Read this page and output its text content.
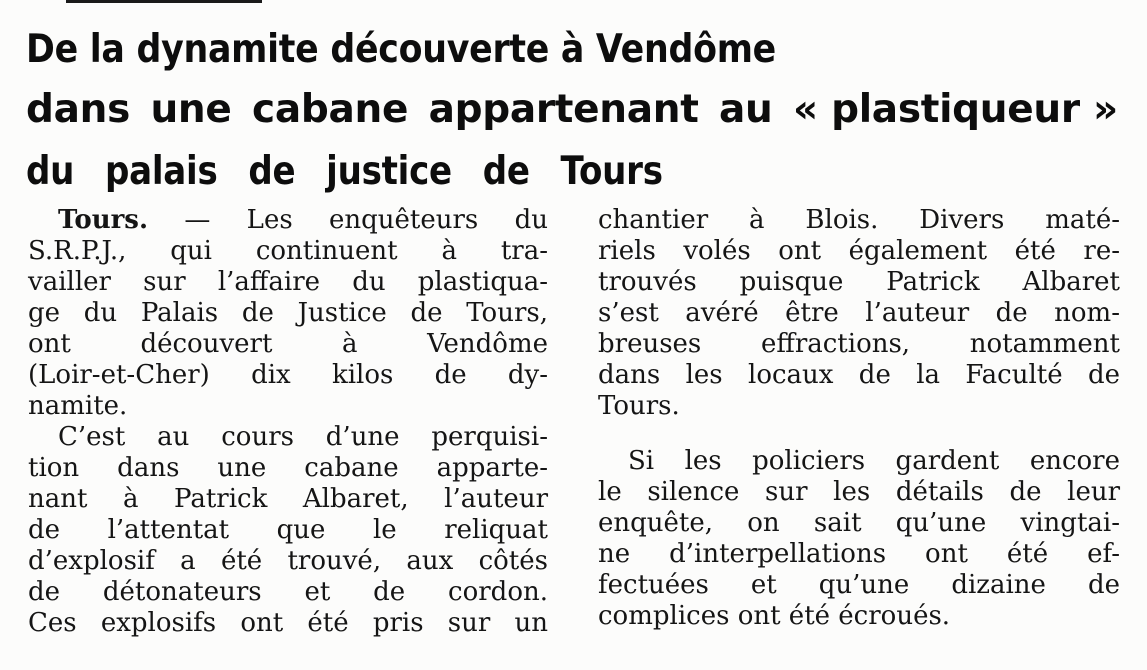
De la dynamite découverte à Vendôme
dans une cabane appartenant au « plastiqueur »
du palais de justice de Tours
Tours. — Les enquêteurs du
S.R.P.J., qui continuent à tra-
vailler sur l’affaire du plastiqua-
ge du Palais de Justice de Tours,
ont découvert à Vendôme
(Loir-et-Cher) dix kilos de dy-
namite.
C’est au cours d’une perquisi-
tion dans une cabane apparte-
nant à Patrick Albaret, l’auteur
de l’attentat que le reliquat
d’explosif a été trouvé, aux côtés
de détonateurs et de cordon.
Ces explosifs ont été pris sur un
chantier à Blois. Divers maté-
riels volés ont également été re-
trouvés puisque Patrick Albaret
s’est avéré être l’auteur de nom-
breuses effractions, notamment
dans les locaux de la Faculté de
Tours.
Si les policiers gardent encore
le silence sur les détails de leur
enquête, on sait qu’une vingtai-
ne d’interpellations ont été ef-
fectuées et qu’une dizaine de
complices ont été écroués.
